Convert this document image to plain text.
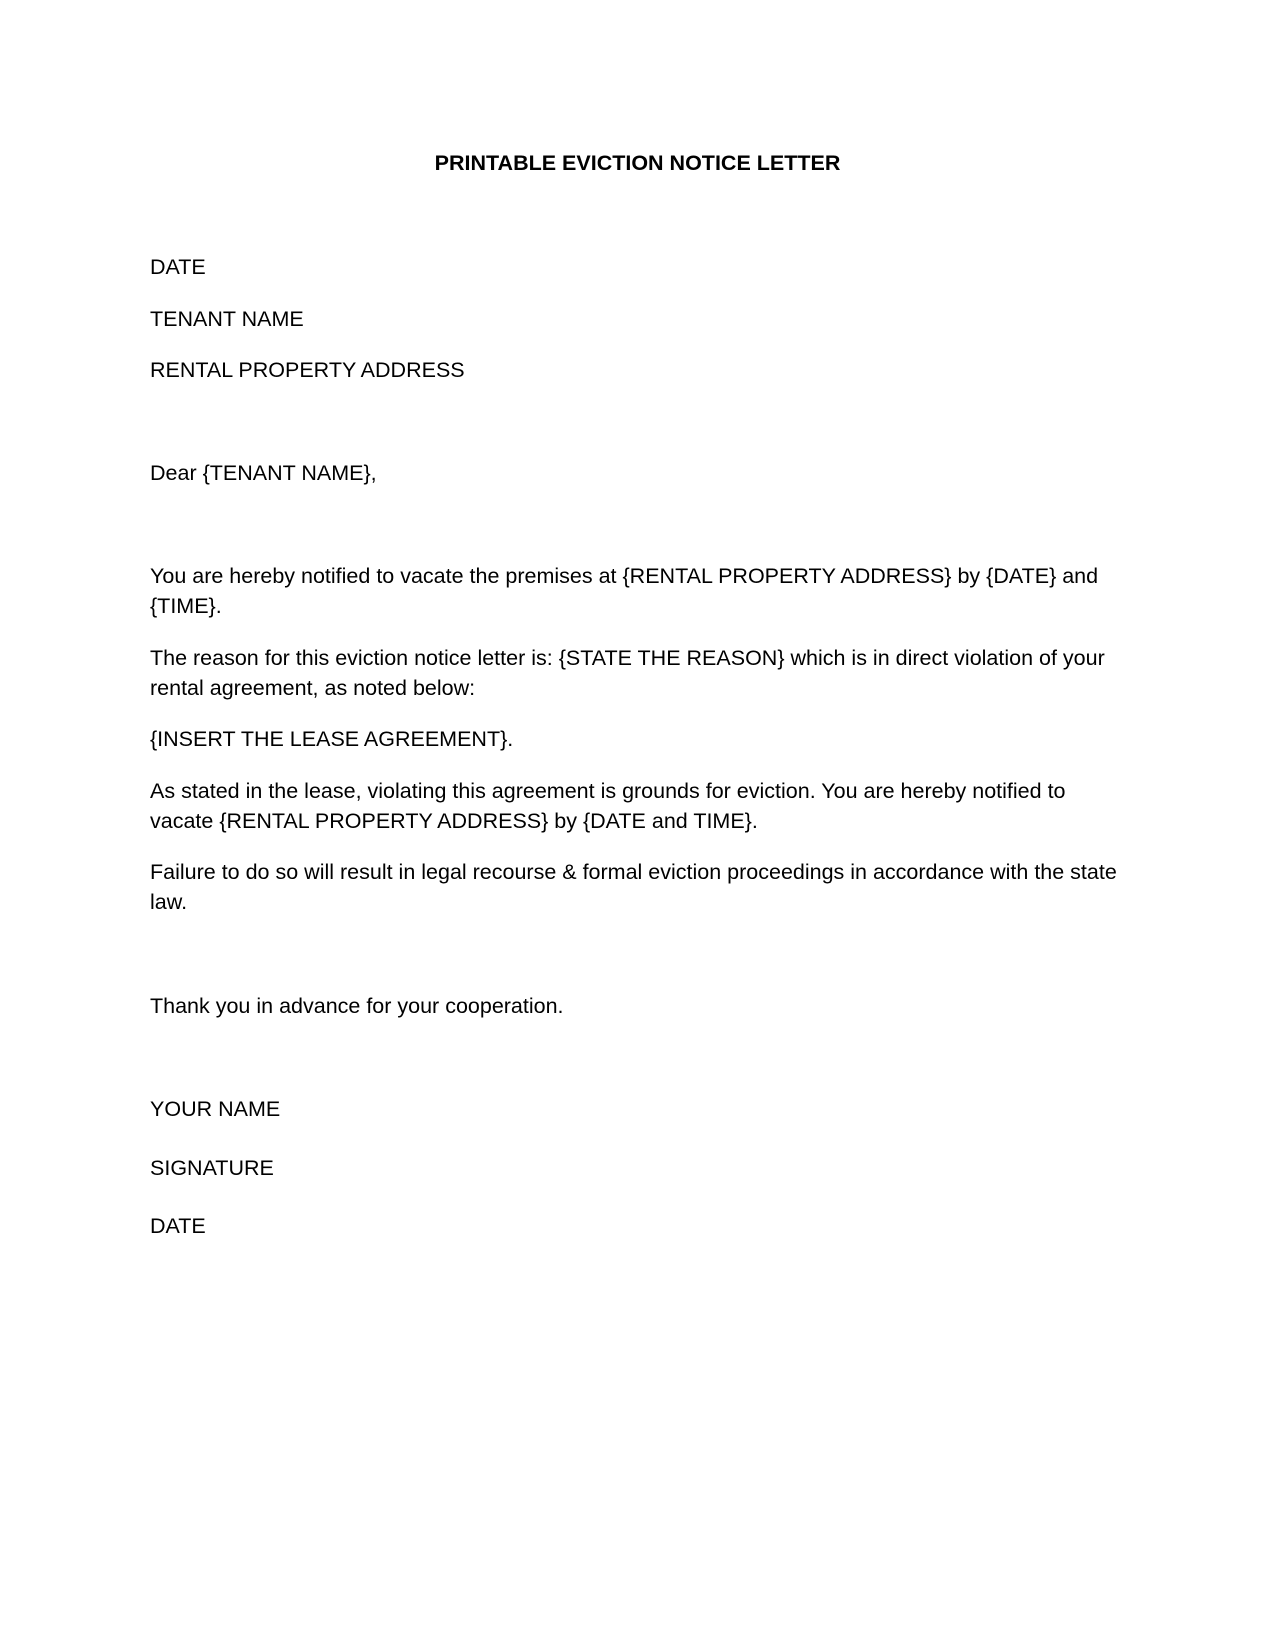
PRINTABLE EVICTION NOTICE LETTER

DATE

TENANT NAME

RENTAL PROPERTY ADDRESS

Dear {TENANT NAME},

You are hereby notified to vacate the premises at {RENTAL PROPERTY ADDRESS} by {DATE} and {TIME}.

The reason for this eviction notice letter is: {STATE THE REASON} which is in direct violation of your rental agreement, as noted below:

{INSERT THE LEASE AGREEMENT}.

As stated in the lease, violating this agreement is grounds for eviction. You are hereby notified to vacate {RENTAL PROPERTY ADDRESS} by {DATE and TIME}.

Failure to do so will result in legal recourse & formal eviction proceedings in accordance with the state law.

Thank you in advance for your cooperation.

YOUR NAME

SIGNATURE

DATE
